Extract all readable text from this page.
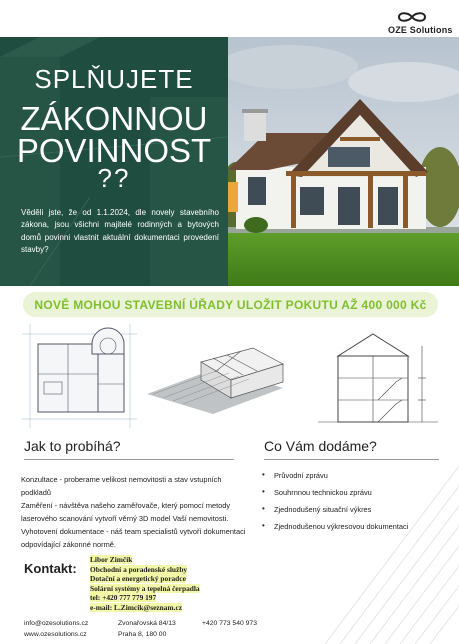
OZE Solutions
SPLŇUJETE
ZÁKONNOU
POVINNOST
??
Věděli jste, že od 1.1.2024, dle novely stavebního zákona, jsou všichni majitelé rodinných a bytových domů povinni vlastnit aktuální dokumentaci provedení stavby?
NOVĚ MOHOU STAVEBNÍ ÚŘADY ULOŽIT POKUTU AŽ 400 000 Kč
Jak to probíhá?
Konzultace - proberame velikost nemovitosti a stav vstupních podkladů
Zaměření - návštěva našeho zaměřovače, který pomocí metody laserového scanování vytvoří věrný 3D model Vaší nemovitosti.
Vyhotovení dokumentace - náš team specialistů vytvoří dokumentaci odpovídající zákonné normě.
Co Vám dodáme?
• Průvodní zprávu
• Souhrnnou technickou zprávu
• Zjednodušený situační výkres
• Zjednodušenou výkresovou dokumentaci
Kontakt:
Libor Zimčík
Obchodní a poradenské služby
Dotační a energetický poradce
Solární systémy a tepelná čerpadla
tel: +420 777 779 197
e-mail: L.Zimcik@seznam.cz
info@ozesolutions.cz
www.ozesolutions.cz
Zvonařovská 84/13
Praha 8, 180 00
+420 773 540 973
